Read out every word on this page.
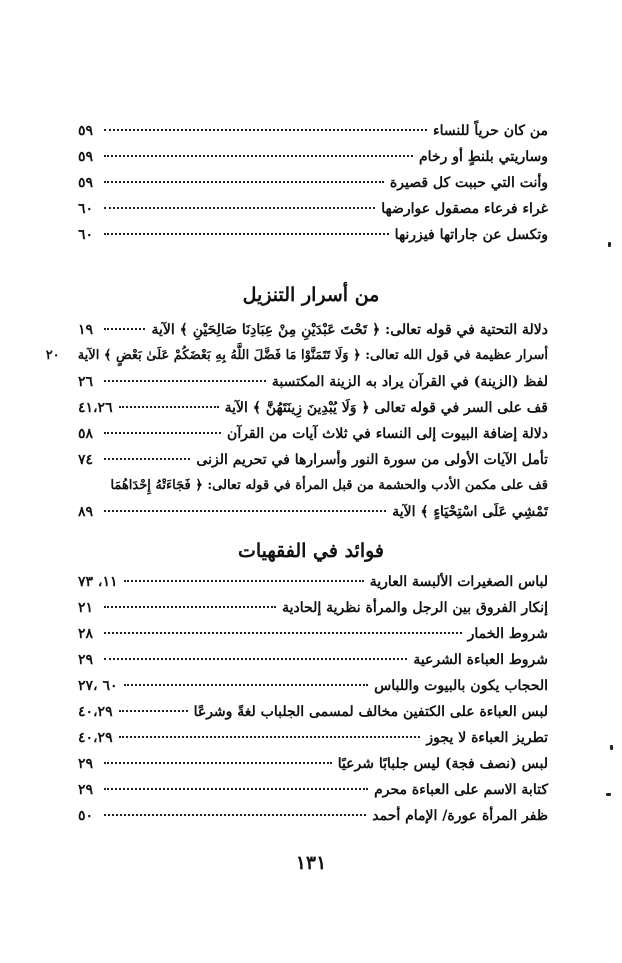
من كان حرياً للنساء
٥٩
وساريتي بلنطٍ أو رخام
٥٩
وأنت التي حببت كل قصيرة
٥٩
غراء فرعاء مصقول عوارضها
٦٠
وتكسل عن جاراتها فيزرنها
٦٠
من أسرار التنزيل
دلالة التحتية في قوله تعالى: ﴿ تَحْتَ عَبْدَيْنِ مِنْ عِبَادِنَا صَالِحَيْنِ ﴾ الآية
١٩
أسرار عظيمة في قول الله تعالى: ﴿ وَلَا تَتَمَنَّوْا مَا فَضَّلَ اللَّهُ بِهِ بَعْضَكُمْ عَلَىٰ بَعْضٍ ﴾ الآية
٢٠
لفظ (الزينة) في القرآن يراد به الزينة المكتسبة
٢٦
قف على السر في قوله تعالى ﴿ وَلَا يُبْدِينَ زِينَتَهُنَّ ﴾ الآية
٤١،٢٦
دلالة إضافة البيوت إلى النساء في ثلاث آيات من القرآن
٥٨
تأمل الآيات الأولى من سورة النور وأسرارها في تحريم الزنى
٧٤
قف على مكمن الأدب والحشمة من قبل المرأة في قوله تعالى: ﴿ فَجَاءَتْهُ إِحْدَاهُمَا
تَمْشِي عَلَى اسْتِحْيَاءٍ ﴾ الآية
٨٩
فوائد في الفقهيات
لباس الصغيرات الألبسة العارية
١١، ٧٣
إنكار الفروق بين الرجل والمرأة نظرية إلحادية
٢١
شروط الخمار
٢٨
شروط العباءة الشرعية
٢٩
الحجاب يكون بالبيوت واللباس
٦٠ ،٢٧
لبس العباءة على الكتفين مخالف لمسمى الجلباب لغةً وشرعًا
٤٠،٢٩
تطريز العباءة لا يجوز
٤٠،٢٩
لبس (نصف فجة) ليس جلبابًا شرعيًا
٢٩
كتابة الاسم على العباءة محرم
٢٩
ظفر المرأة عورة/ الإمام أحمد
٥٠
١٣١
